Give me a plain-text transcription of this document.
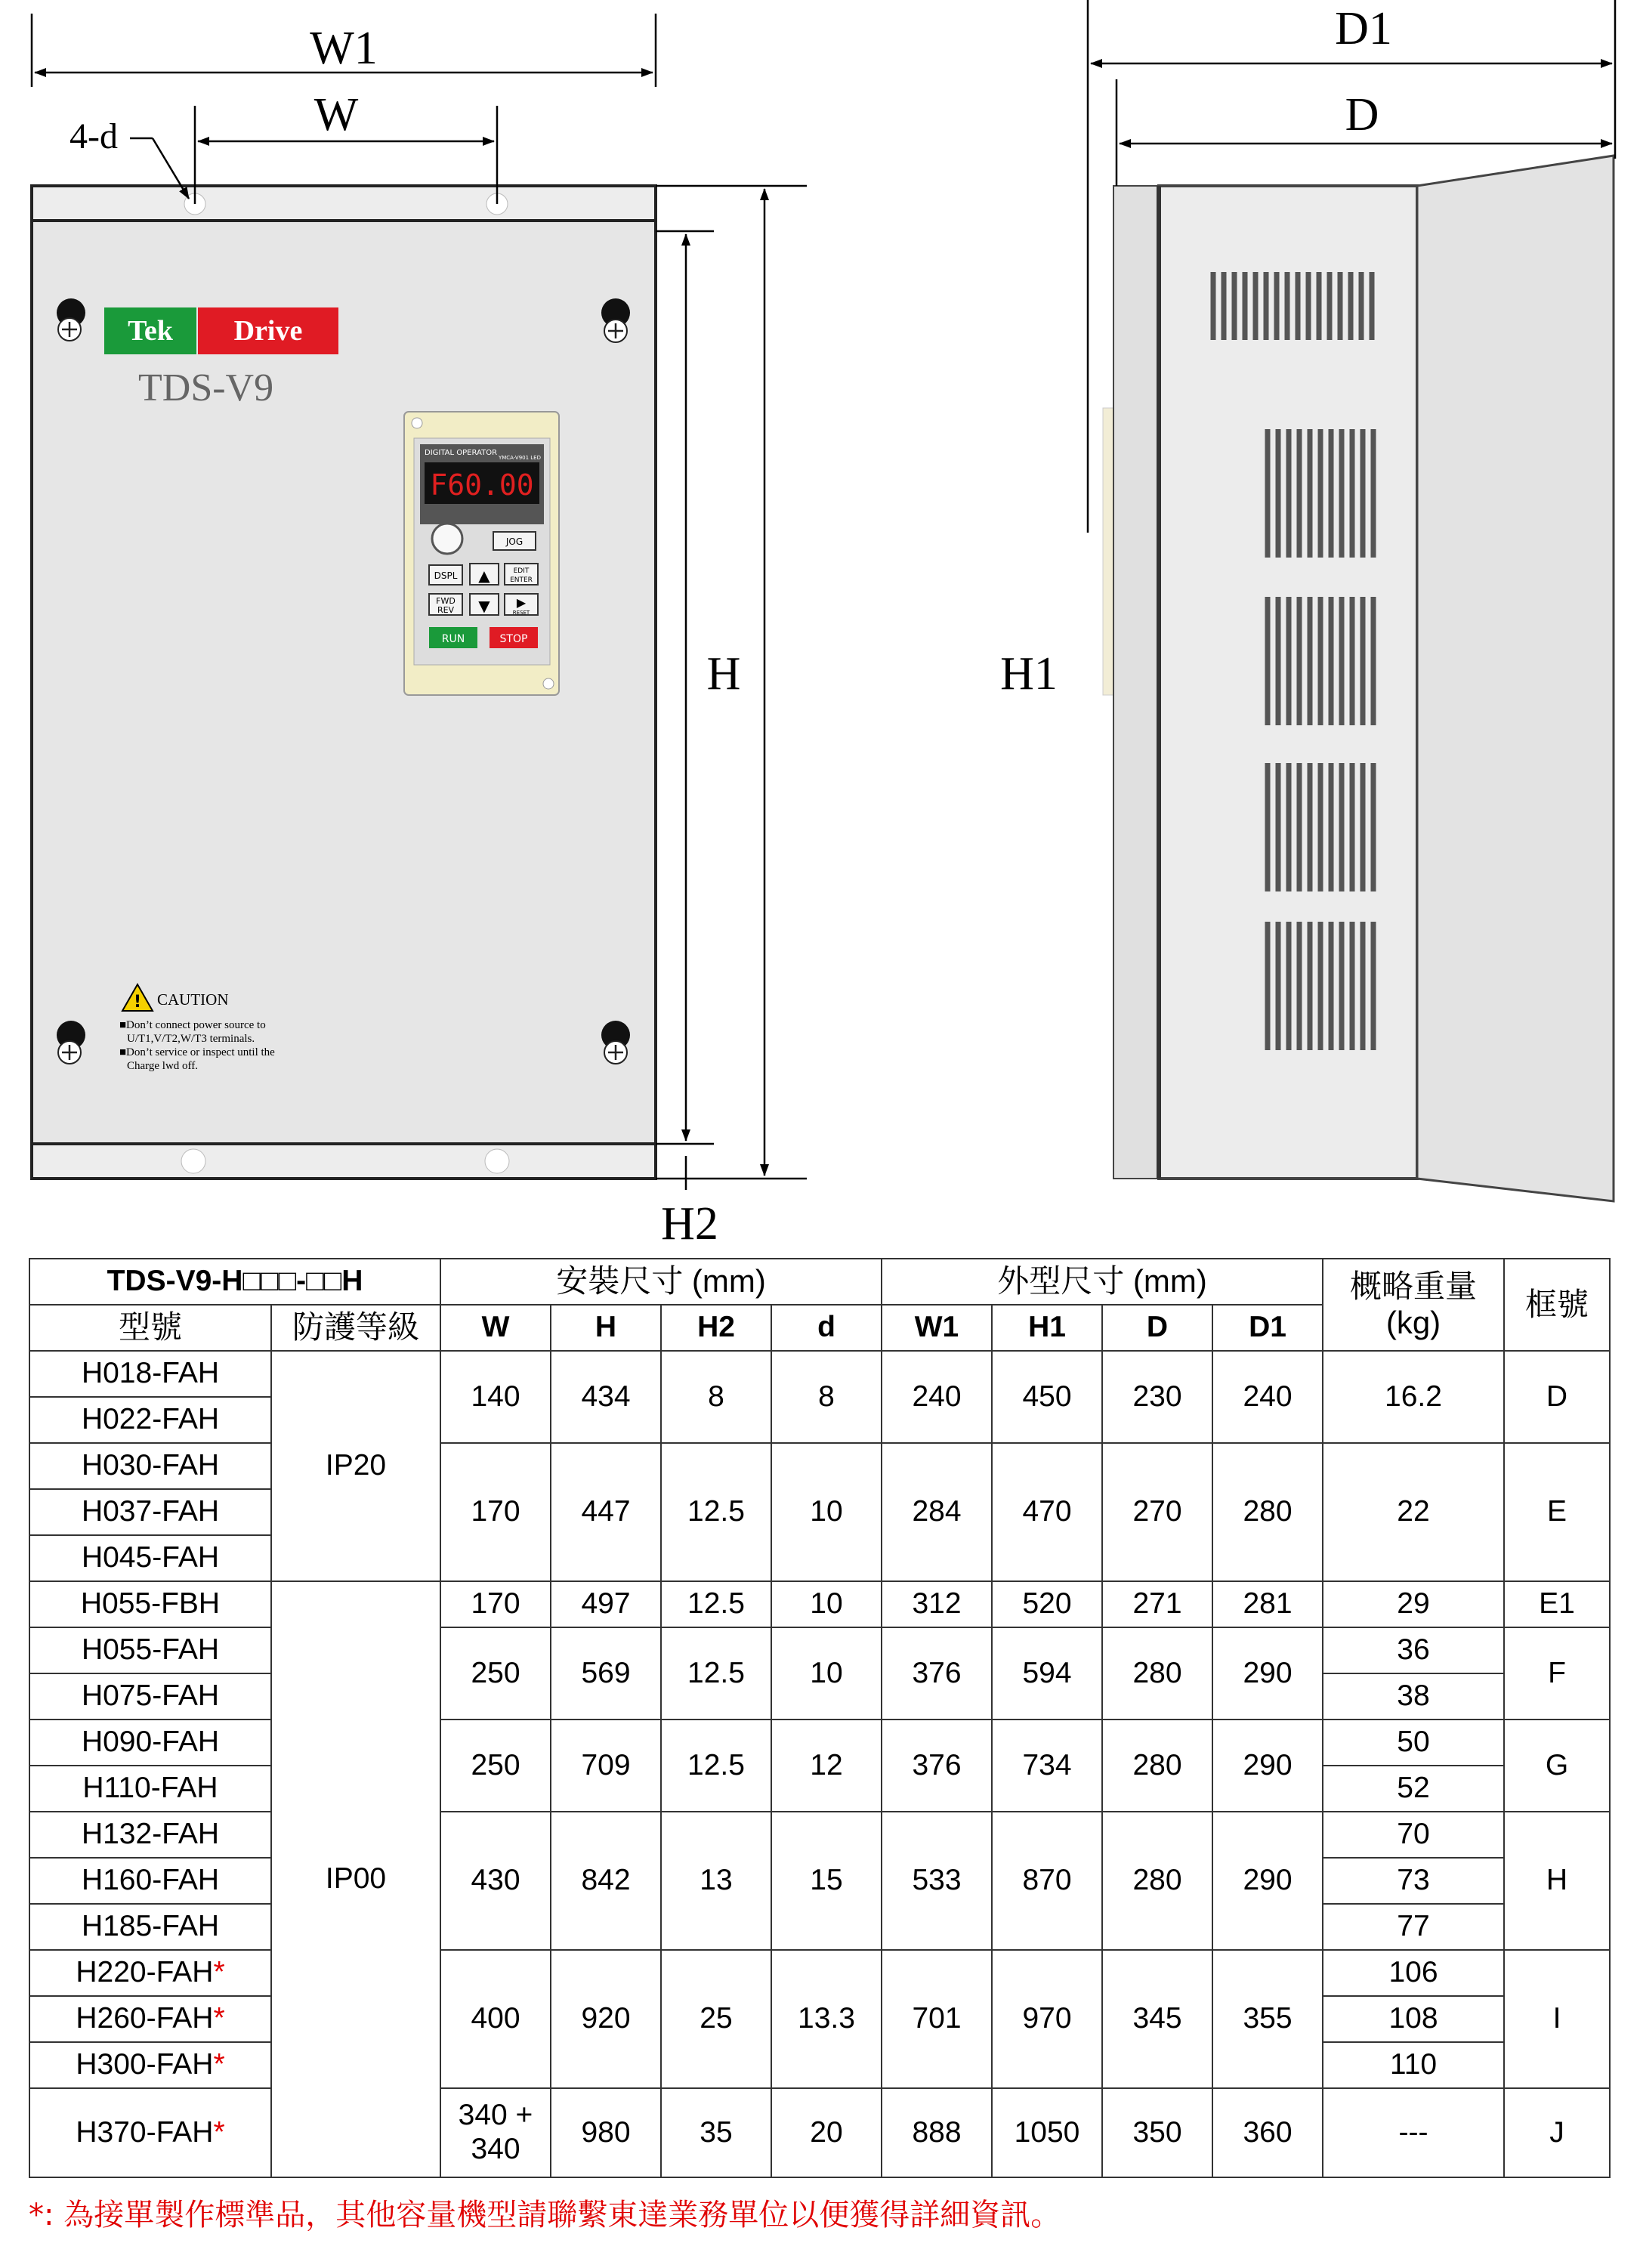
Tek Drive
TDS-V9
DIGITAL OPERATOR
YMCA-V901 LED
F60.00
JOG
DSPL ▲	EDIT
ENTER
FWD
REV ▼ ▶
RESET
RUN	STOP
! CAUTION
■Don’t connect power source to
U/T1,V/T2,W/T3 terminals.
■Don’t service or inspect until the
Charge lwd off.
W1
W
4-d
H
H2
D1
D
H1
TDS-V9-H□□□-□□H		安裝尺寸 (mm)				外型尺寸 (mm)				概略重量 (kg)	框號
型號	防護等級	W	H	H2	d	W1	H1	D	D1		
H018-FAH	IP20	140	434	8	8	240	450	230	240	16.2	D
H022-FAH											
H030-FAH		170	447	12.5	10	284	470	270	280	22	E
H037-FAH											
H045-FAH											
H055-FBH	IP00	170	497	12.5	10	312	520	271	281	29	E1
H055-FAH		250	569	12.5	10	376	594	280	290	36	F
H075-FAH										38	
H090-FAH		250	709	12.5	12	376	734	280	290	50	G
H110-FAH										52	
H132-FAH		430	842	13	15	533	870	280	290	70	H
H160-FAH										73	
H185-FAH										77	
H220-FAH*		400	920	25	13.3	701	970	345	355	106	I
H260-FAH*										108	
H300-FAH*										110	
H370-FAH*		340 + 340	980	35	20	888	1050	350	360	---	J
*: 為接單製作標準品，其他容量機型請聯繫東達業務單位以便獲得詳細資訊。
